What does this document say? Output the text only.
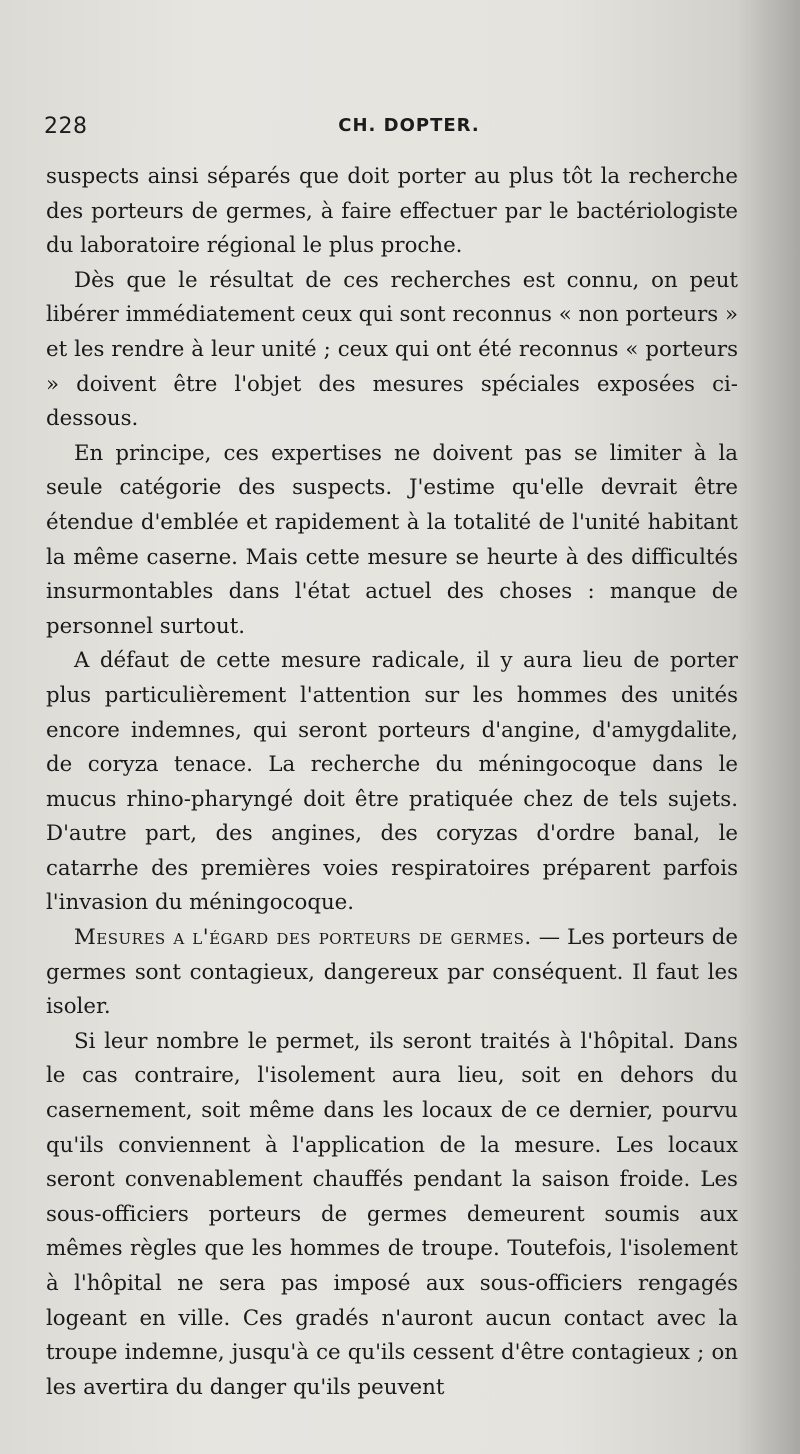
228	CH. DOPTER.

suspects ainsi séparés que doit porter au plus tôt la recherche des porteurs de germes, à faire effectuer par le bactériologiste du laboratoire régional le plus proche.

Dès que le résultat de ces recherches est connu, on peut libérer immédiatement ceux qui sont reconnus « non porteurs » et les rendre à leur unité ; ceux qui ont été reconnus « porteurs » doivent être l'objet des mesures spéciales exposées ci-dessous.

En principe, ces expertises ne doivent pas se limiter à la seule catégorie des suspects. J'estime qu'elle devrait être étendue d'emblée et rapidement à la totalité de l'unité habitant la même caserne. Mais cette mesure se heurte à des difficultés insurmontables dans l'état actuel des choses : manque de personnel surtout.

A défaut de cette mesure radicale, il y aura lieu de porter plus particulièrement l'attention sur les hommes des unités encore indemnes, qui seront porteurs d'angine, d'amygdalite, de coryza tenace. La recherche du méningocoque dans le mucus rhino-pharyngé doit être pratiquée chez de tels sujets. D'autre part, des angines, des coryzas d'ordre banal, le catarrhe des premières voies respiratoires préparent parfois l'invasion du méningocoque.

Mesures a l'égard des porteurs de germes. — Les porteurs de germes sont contagieux, dangereux par conséquent. Il faut les isoler.

Si leur nombre le permet, ils seront traités à l'hôpital. Dans le cas contraire, l'isolement aura lieu, soit en dehors du casernement, soit même dans les locaux de ce dernier, pourvu qu'ils conviennent à l'application de la mesure. Les locaux seront convenablement chauffés pendant la saison froide. Les sous-officiers porteurs de germes demeurent soumis aux mêmes règles que les hommes de troupe. Toutefois, l'isolement à l'hôpital ne sera pas imposé aux sous-officiers rengagés logeant en ville. Ces gradés n'auront aucun contact avec la troupe indemne, jusqu'à ce qu'ils cessent d'être contagieux ; on les avertira du danger qu'ils peuvent
